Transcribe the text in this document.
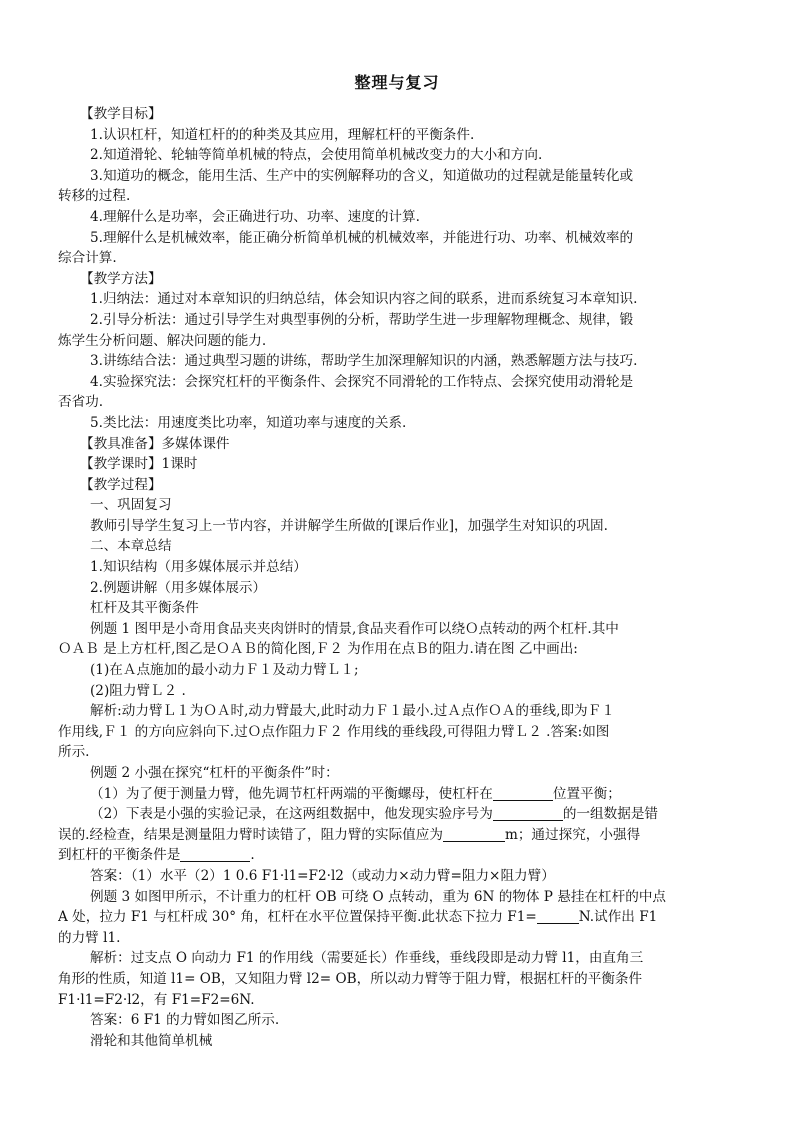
整理与复习
【教学目标】
1.认识杠杆，知道杠杆的的种类及其应用，理解杠杆的平衡条件.
2.知道滑轮、轮轴等简单机械的特点，会使用简单机械改变力的大小和方向.
3.知道功的概念，能用生活、生产中的实例解释功的含义，知道做功的过程就是能量转化或
转移的过程.
4.理解什么是功率，会正确进行功、功率、速度的计算.
5.理解什么是机械效率，能正确分析简单机械的机械效率，并能进行功、功率、机械效率的
综合计算.
【教学方法】
1.归纳法：通过对本章知识的归纳总结，体会知识内容之间的联系，进而系统复习本章知识.
2.引导分析法：通过引导学生对典型事例的分析，帮助学生进一步理解物理概念、规律，锻
炼学生分析问题、解决问题的能力.
3.讲练结合法：通过典型习题的讲练，帮助学生加深理解知识的内涵，熟悉解题方法与技巧.
4.实验探究法：会探究杠杆的平衡条件、会探究不同滑轮的工作特点、会探究使用动滑轮是
否省功.
5.类比法：用速度类比功率，知道功率与速度的关系.
【教具准备】多媒体课件
【教学课时】1课时
【教学过程】
一、巩固复习
教师引导学生复习上一节内容，并讲解学生所做的[课后作业]，加强学生对知识的巩固.
二、本章总结
1.知识结构（用多媒体展示并总结）
2.例题讲解（用多媒体展示）
杠杆及其平衡条件
例题 1 图甲是小奇用食品夹夹肉饼时的情景,食品夹看作可以绕Ｏ点转动的两个杠杆.其中
ＯＡＢ 是上方杠杆,图乙是ＯＡＢ的简化图,Ｆ２ 为作用在点Ｂ的阻力.请在图 乙中画出:
(1)在Ａ点施加的最小动力Ｆ１及动力臂Ｌ１;
(2)阻力臂Ｌ２ .
解析:动力臂Ｌ１为ＯＡ时,动力臂最大,此时动力Ｆ１最小.过Ａ点作ＯＡ的垂线,即为Ｆ１
作用线,Ｆ１ 的方向应斜向下.过Ｏ点作阻力Ｆ２ 作用线的垂线段,可得阻力臂Ｌ２ .答案:如图
所示.
例题 2 小强在探究“杠杆的平衡条件”时：
（1）为了便于测量力臂，他先调节杠杆两端的平衡螺母，使杠杆在	位置平衡；
（2）下表是小强的实验记录，在这两组数据中，他发现实验序号为	的一组数据是错
误的.经检查，结果是测量阻力臂时读错了，阻力臂的实际值应为	m；通过探究，小强得
到杠杆的平衡条件是	.
答案：（1）水平（2）1 0.6 F1·l1=F2·l2（或动力×动力臂=阻力×阻力臂）
例题 3 如图甲所示，不计重力的杠杆 OB 可绕 O 点转动，重为 6N 的物体 P 悬挂在杠杆的中点
A 处，拉力 F1 与杠杆成 30° 角，杠杆在水平位置保持平衡.此状态下拉力 F1=	N.试作出 F1
的力臂 l1.
解析：过支点 O 向动力 F1 的作用线（需要延长）作垂线，垂线段即是动力臂 l1，由直角三
角形的性质，知道 l1= OB，又知阻力臂 l2= OB，所以动力臂等于阻力臂，根据杠杆的平衡条件
F1·l1=F2·l2，有 F1=F2=6N.
答案：6 F1 的力臂如图乙所示.
滑轮和其他简单机械
